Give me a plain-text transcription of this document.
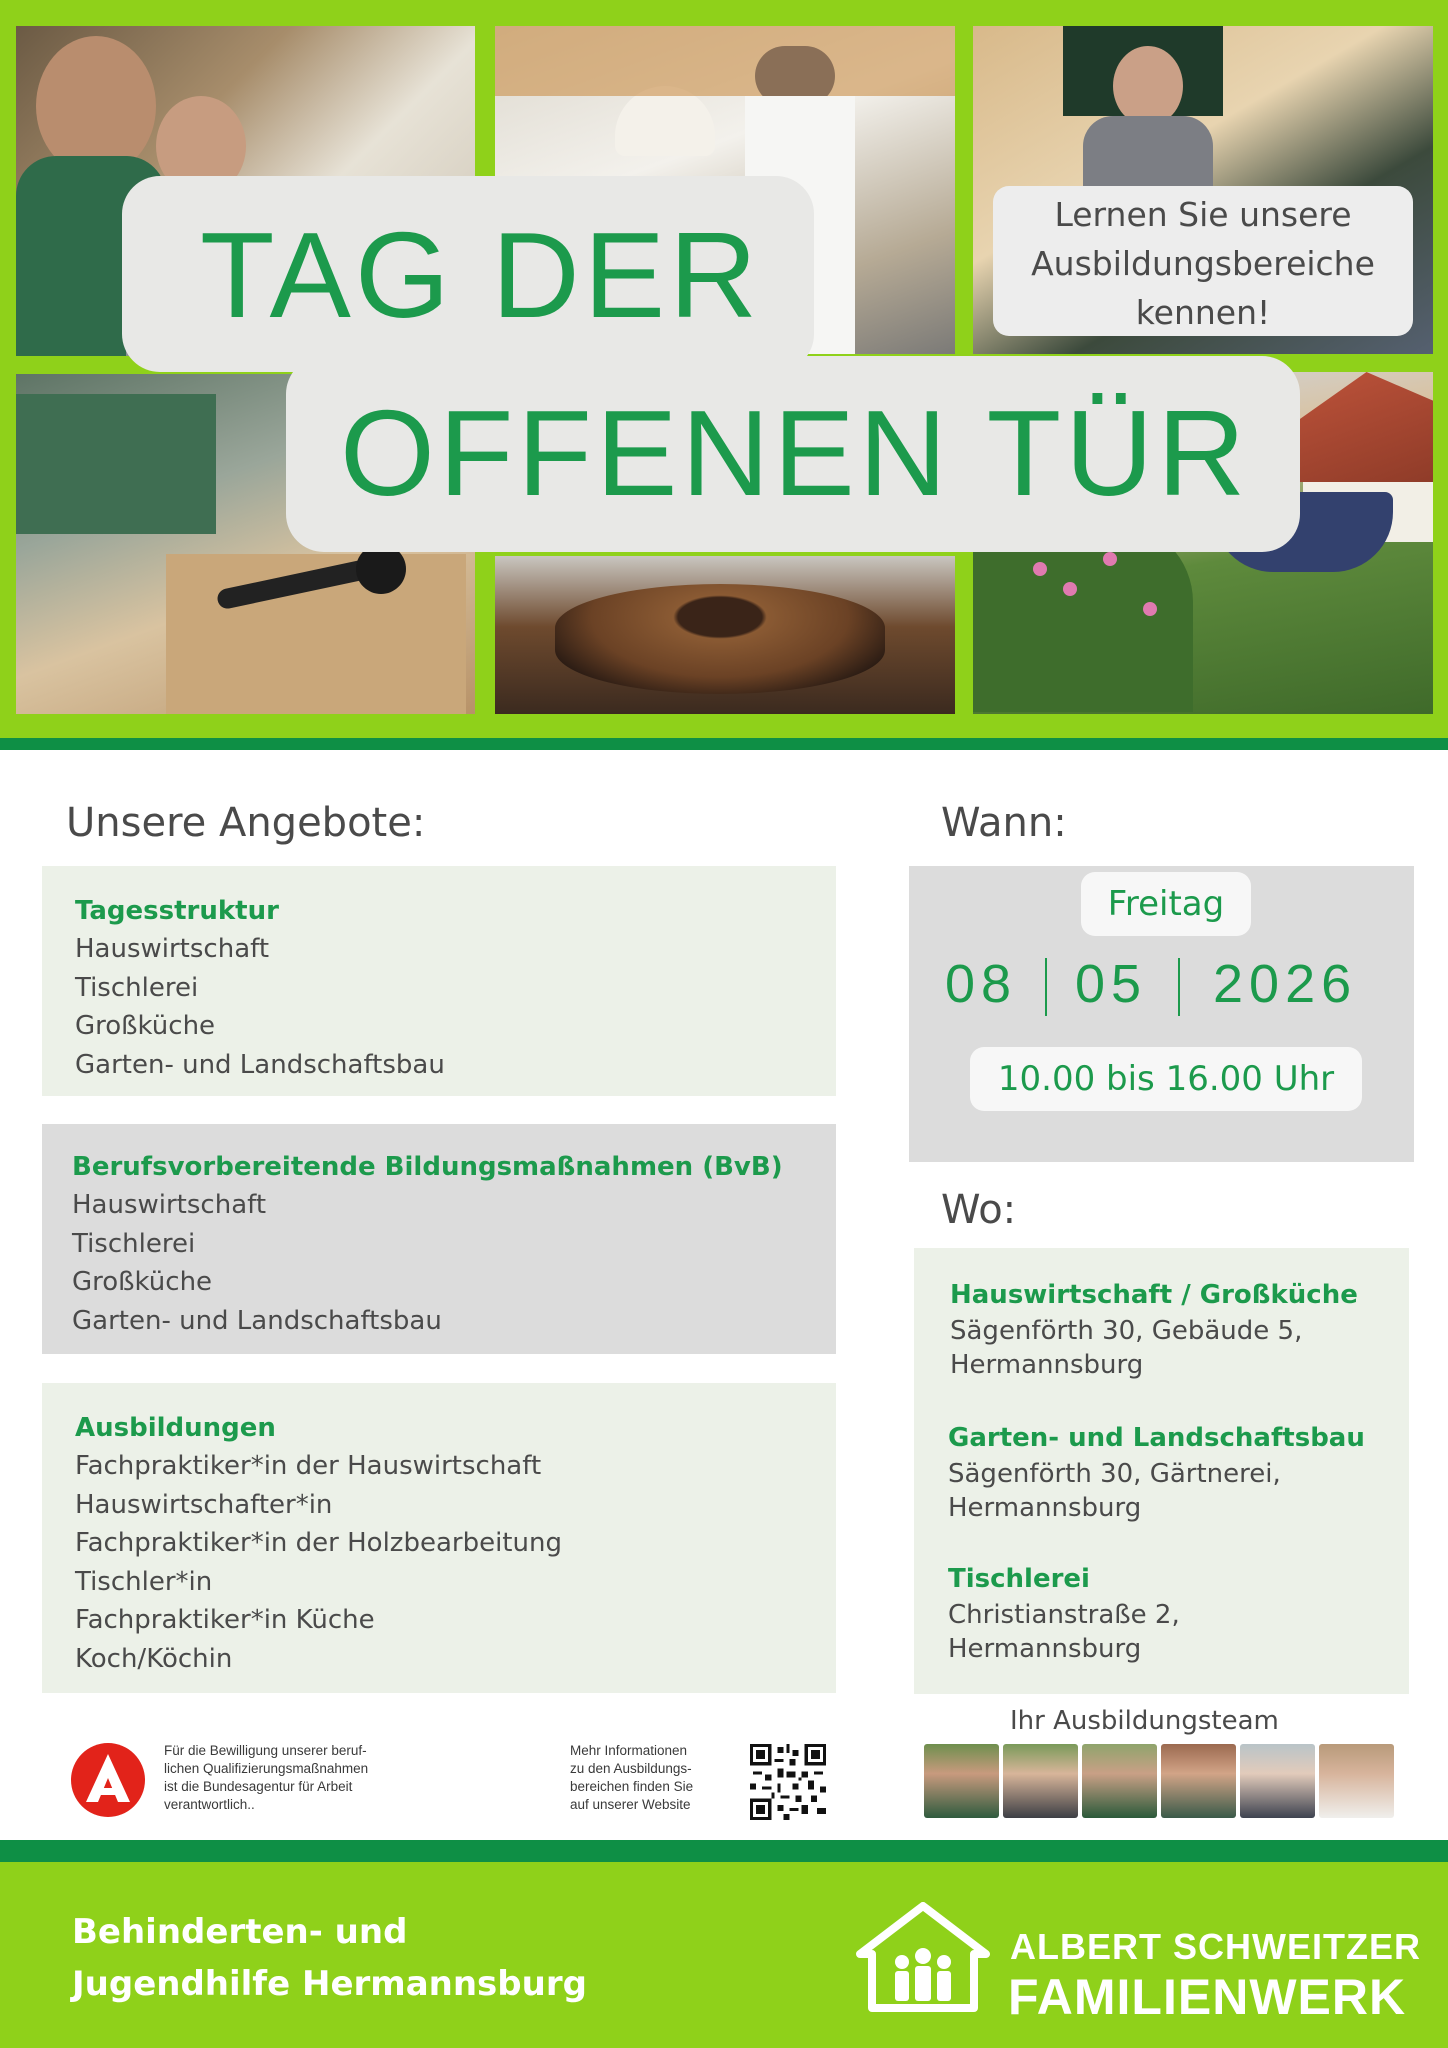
TAG DER
OFFENEN TÜR
Lernen Sie unsere
Ausbildungsbereiche
kennen!
Unsere Angebote:
Tagesstruktur
Hauswirtschaft
Tischlerei
Großküche
Garten- und Landschaftsbau
Berufsvorbereitende Bildungsmaßnahmen (BvB)
Hauswirtschaft
Tischlerei
Großküche
Garten- und Landschaftsbau
Ausbildungen
Fachpraktiker*in der Hauswirtschaft
Hauswirtschafter*in
Fachpraktiker*in der Holzbearbeitung
Tischler*in
Fachpraktiker*in Küche
Koch/Köchin
Wann:
Freitag
08 05 2026
10.00 bis 16.00 Uhr
Wo:
Hauswirtschaft / Großküche
Sägenförth 30, Gebäude 5,
Hermannsburg
Garten- und Landschaftsbau
Sägenförth 30, Gärtnerei,
Hermannsburg
Tischlerei
Christianstraße 2,
Hermannsburg
Für die Bewilligung unserer beruf-
lichen Qualifizierungsmaßnahmen
ist die Bundesagentur für Arbeit
verantwortlich..
Mehr Informationen
zu den Ausbildungs-
bereichen finden Sie
auf unserer Website
Ihr Ausbildungsteam
Behinderten- und
Jugendhilfe Hermannsburg
ALBERT SCHWEITZER
FAMILIENWERK
